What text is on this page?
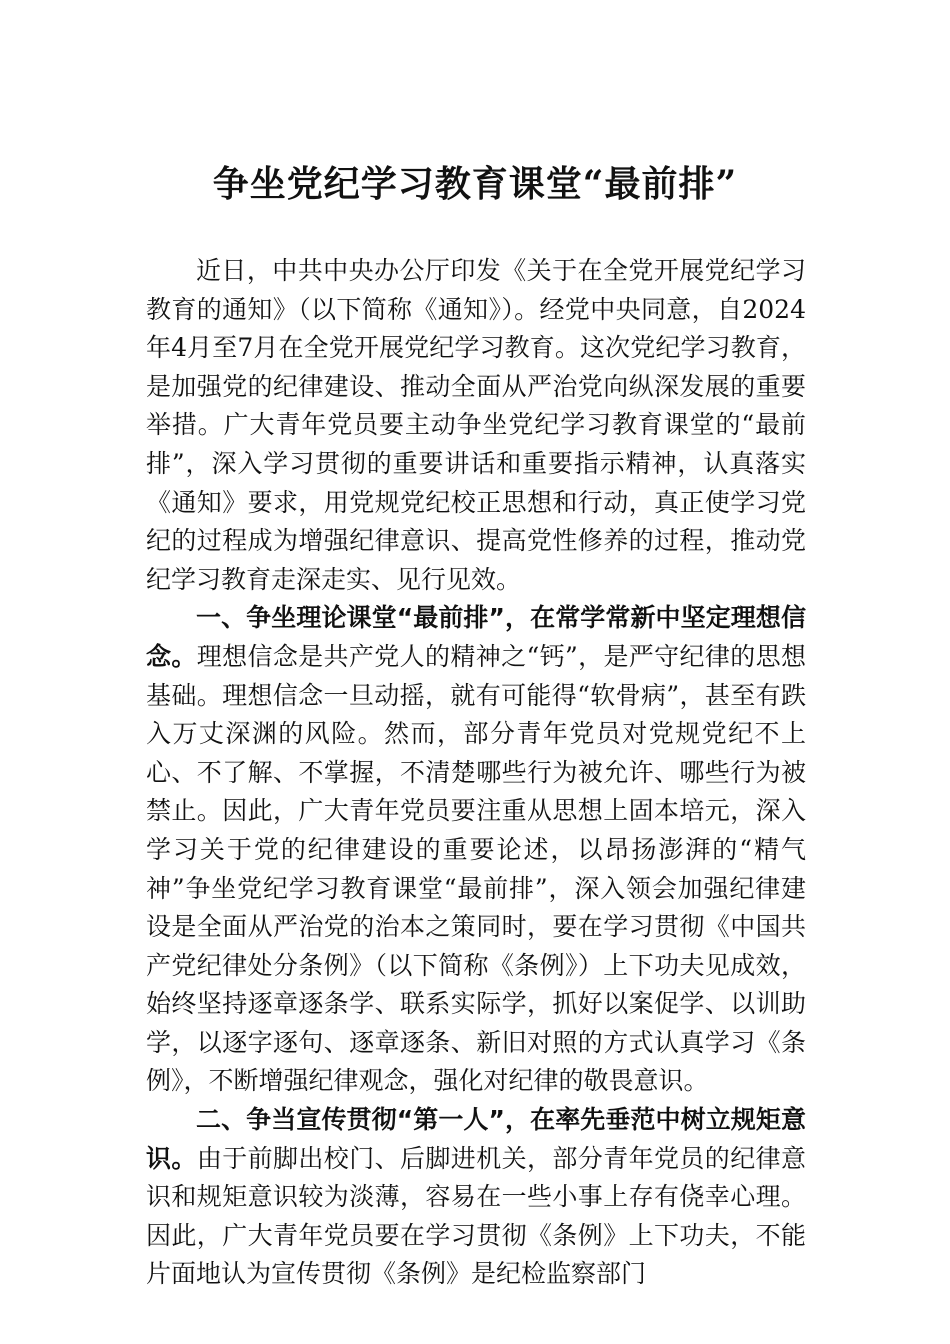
争坐党纪学习教育课堂“最前排”

近日，中共中央办公厅印发《关于在全党开展党纪学习教育的通知》（以下简称《通知》）。经党中央同意，自2024年4月至7月在全党开展党纪学习教育。这次党纪学习教育，是加强党的纪律建设、推动全面从严治党向纵深发展的重要举措。广大青年党员要主动争坐党纪学习教育课堂的“最前排”，深入学习贯彻的重要讲话和重要指示精神，认真落实《通知》要求，用党规党纪校正思想和行动，真正使学习党纪的过程成为增强纪律意识、提高党性修养的过程，推动党纪学习教育走深走实、见行见效。

一、争坐理论课堂“最前排”，在常学常新中坚定理想信念。理想信念是共产党人的精神之“钙”，是严守纪律的思想基础。理想信念一旦动摇，就有可能得“软骨病”，甚至有跌入万丈深渊的风险。然而，部分青年党员对党规党纪不上心、不了解、不掌握，不清楚哪些行为被允许、哪些行为被禁止。因此，广大青年党员要注重从思想上固本培元，深入学习关于党的纪律建设的重要论述，以昂扬澎湃的“精气神”争坐党纪学习教育课堂“最前排”，深入领会加强纪律建设是全面从严治党的治本之策同时，要在学习贯彻《中国共产党纪律处分条例》（以下简称《条例》）上下功夫见成效，始终坚持逐章逐条学、联系实际学，抓好以案促学、以训助学，以逐字逐句、逐章逐条、新旧对照的方式认真学习《条例》，不断增强纪律观念，强化对纪律的敬畏意识。

二、争当宣传贯彻“第一人”，在率先垂范中树立规矩意识。由于前脚出校门、后脚进机关，部分青年党员的纪律意识和规矩意识较为淡薄，容易在一些小事上存有侥幸心理。因此，广大青年党员要在学习贯彻《条例》上下功夫，不能片面地认为宣传贯彻《条例》是纪检监察部门
